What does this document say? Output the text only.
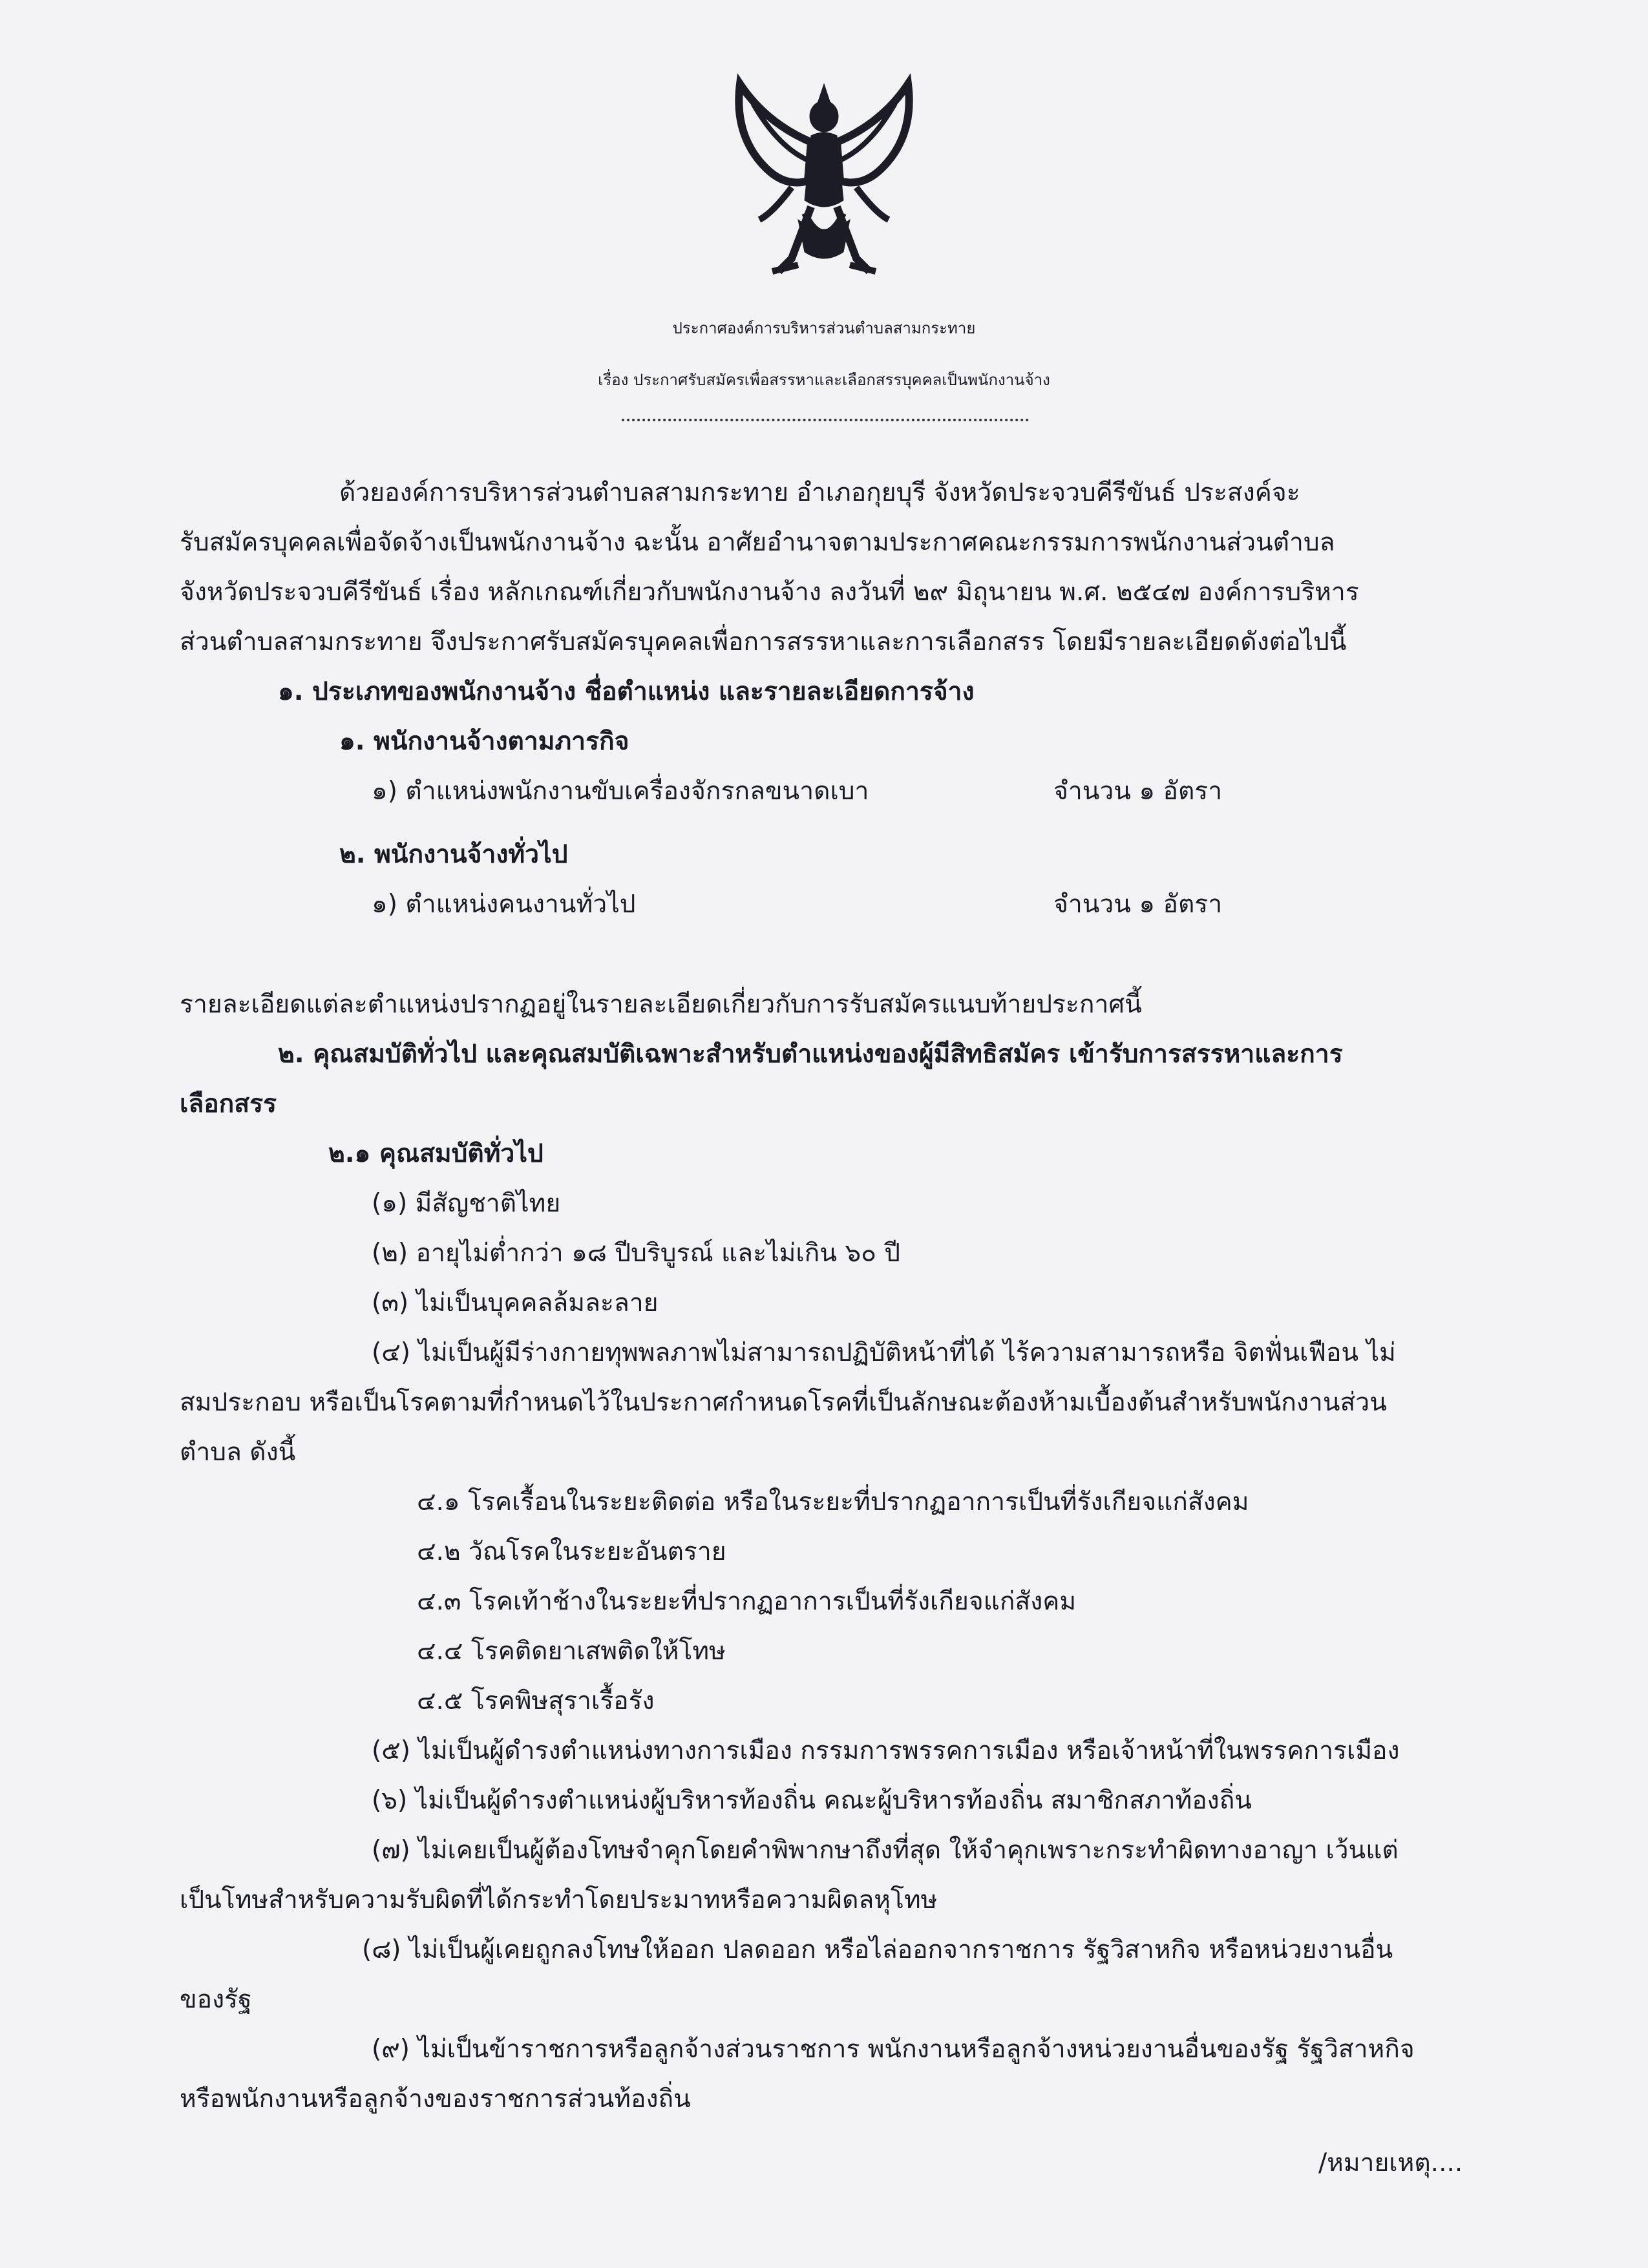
ประกาศองค์การบริหารส่วนตำบลสามกระทาย
เรื่อง ประกาศรับสมัครเพื่อสรรหาและเลือกสรรบุคคลเป็นพนักงานจ้าง
ด้วยองค์การบริหารส่วนตำบลสามกระทาย อำเภอกุยบุรี จังหวัดประจวบคีรีขันธ์ ประสงค์จะ
รับสมัครบุคคลเพื่อจัดจ้างเป็นพนักงานจ้าง ฉะนั้น อาศัยอำนาจตามประกาศคณะกรรมการพนักงานส่วนตำบล
จังหวัดประจวบคีรีขันธ์ เรื่อง หลักเกณฑ์เกี่ยวกับพนักงานจ้าง ลงวันที่ ๒๙ มิถุนายน พ.ศ. ๒๕๔๗ องค์การบริหาร
ส่วนตำบลสามกระทาย จึงประกาศรับสมัครบุคคลเพื่อการสรรหาและการเลือกสรร โดยมีรายละเอียดดังต่อไปนี้
๑. ประเภทของพนักงานจ้าง ชื่อตำแหน่ง และรายละเอียดการจ้าง
๑. พนักงานจ้างตามภารกิจ
๑) ตำแหน่งพนักงานขับเครื่องจักรกลขนาดเบา	จำนวน ๑ อัตรา
๒. พนักงานจ้างทั่วไป
๑) ตำแหน่งคนงานทั่วไป	จำนวน ๑ อัตรา
รายละเอียดแต่ละตำแหน่งปรากฏอยู่ในรายละเอียดเกี่ยวกับการรับสมัครแนบท้ายประกาศนี้
๒. คุณสมบัติทั่วไป และคุณสมบัติเฉพาะสำหรับตำแหน่งของผู้มีสิทธิสมัคร เข้ารับการสรรหาและการ
เลือกสรร
๒.๑ คุณสมบัติทั่วไป
(๑) มีสัญชาติไทย
(๒) อายุไม่ต่ำกว่า ๑๘ ปีบริบูรณ์ และไม่เกิน ๖๐ ปี
(๓) ไม่เป็นบุคคลล้มละลาย
(๔) ไม่เป็นผู้มีร่างกายทุพพลภาพไม่สามารถปฏิบัติหน้าที่ได้ ไร้ความสามารถหรือ จิตฟั่นเฟือน ไม่
สมประกอบ หรือเป็นโรคตามที่กำหนดไว้ในประกาศกำหนดโรคที่เป็นลักษณะต้องห้ามเบื้องต้นสำหรับพนักงานส่วน
ตำบล ดังนี้
๔.๑ โรคเรื้อนในระยะติดต่อ หรือในระยะที่ปรากฏอาการเป็นที่รังเกียจแก่สังคม
๔.๒ วัณโรคในระยะอันตราย
๔.๓ โรคเท้าช้างในระยะที่ปรากฏอาการเป็นที่รังเกียจแก่สังคม
๔.๔ โรคติดยาเสพติดให้โทษ
๔.๕ โรคพิษสุราเรื้อรัง
(๕) ไม่เป็นผู้ดำรงตำแหน่งทางการเมือง กรรมการพรรคการเมือง หรือเจ้าหน้าที่ในพรรคการเมือง
(๖) ไม่เป็นผู้ดำรงตำแหน่งผู้บริหารท้องถิ่น คณะผู้บริหารท้องถิ่น สมาชิกสภาท้องถิ่น
(๗) ไม่เคยเป็นผู้ต้องโทษจำคุกโดยคำพิพากษาถึงที่สุด ให้จำคุกเพราะกระทำผิดทางอาญา เว้นแต่
เป็นโทษสำหรับความรับผิดที่ได้กระทำโดยประมาทหรือความผิดลหุโทษ
(๘) ไม่เป็นผู้เคยถูกลงโทษให้ออก ปลดออก หรือไล่ออกจากราชการ รัฐวิสาหกิจ หรือหน่วยงานอื่น
ของรัฐ
(๙) ไม่เป็นข้าราชการหรือลูกจ้างส่วนราชการ พนักงานหรือลูกจ้างหน่วยงานอื่นของรัฐ รัฐวิสาหกิจ
หรือพนักงานหรือลูกจ้างของราชการส่วนท้องถิ่น
/หมายเหตุ....
